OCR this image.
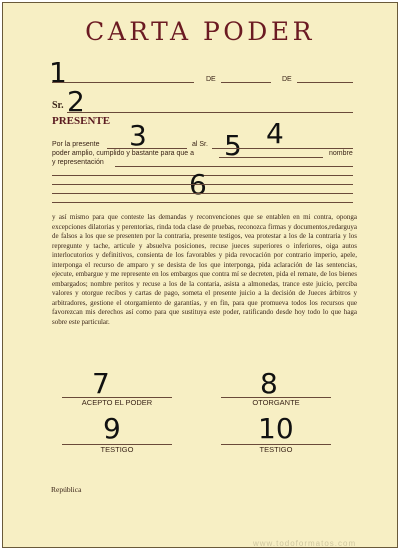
CARTA PODER
1	DE	DE
Sr. 2
PRESENTE 3	4
5
Por la presente	al Sr.
poder amplio, cumplido y bastante para que a	nombre
y representación
6
y así mismo para que conteste las demandas y reconvenciones que se entablen en mi contra, oponga excepciones dilatorias y perentorias, rinda toda clase de pruebas, reconozca firmas y documentos,redarguya de falsos a los que se presenten por la contraria, presente testigos, vea protestar a los de la contraria y los repregunte y tache, articule y absuelva posiciones, recuse jueces superiores o inferiores, oiga autos interlocutorios y definitivos, consienta de los favorables y pida revocación por contrario imperio, apele, interponga el recurso de amparo y se desista de los que interponga, pida aclaración de las sentencias, ejecute, embargue y me represente en los embargos que contra mí se decreten, pida el remate, de los bienes embargados; nombre peritos y recuse a los de la contaria, asista a almonedas, trance este juicio, perciba valores y otorgue recibos y cartas de pago, someta el presente juicio a la decisión de Jueces árbitros y arbitradores, gestione el otorgamiento de garantías, y en fin, para que promueva todos los recursos que favorezcan mis derechos así como para que sustituya este poder, ratificando desde hoy todo lo que haga sobre este particular.
7
ACEPTO EL PODER
8
OTORGANTE
9
TESTIGO
10
TESTIGO
República
www.todoformatos.com
